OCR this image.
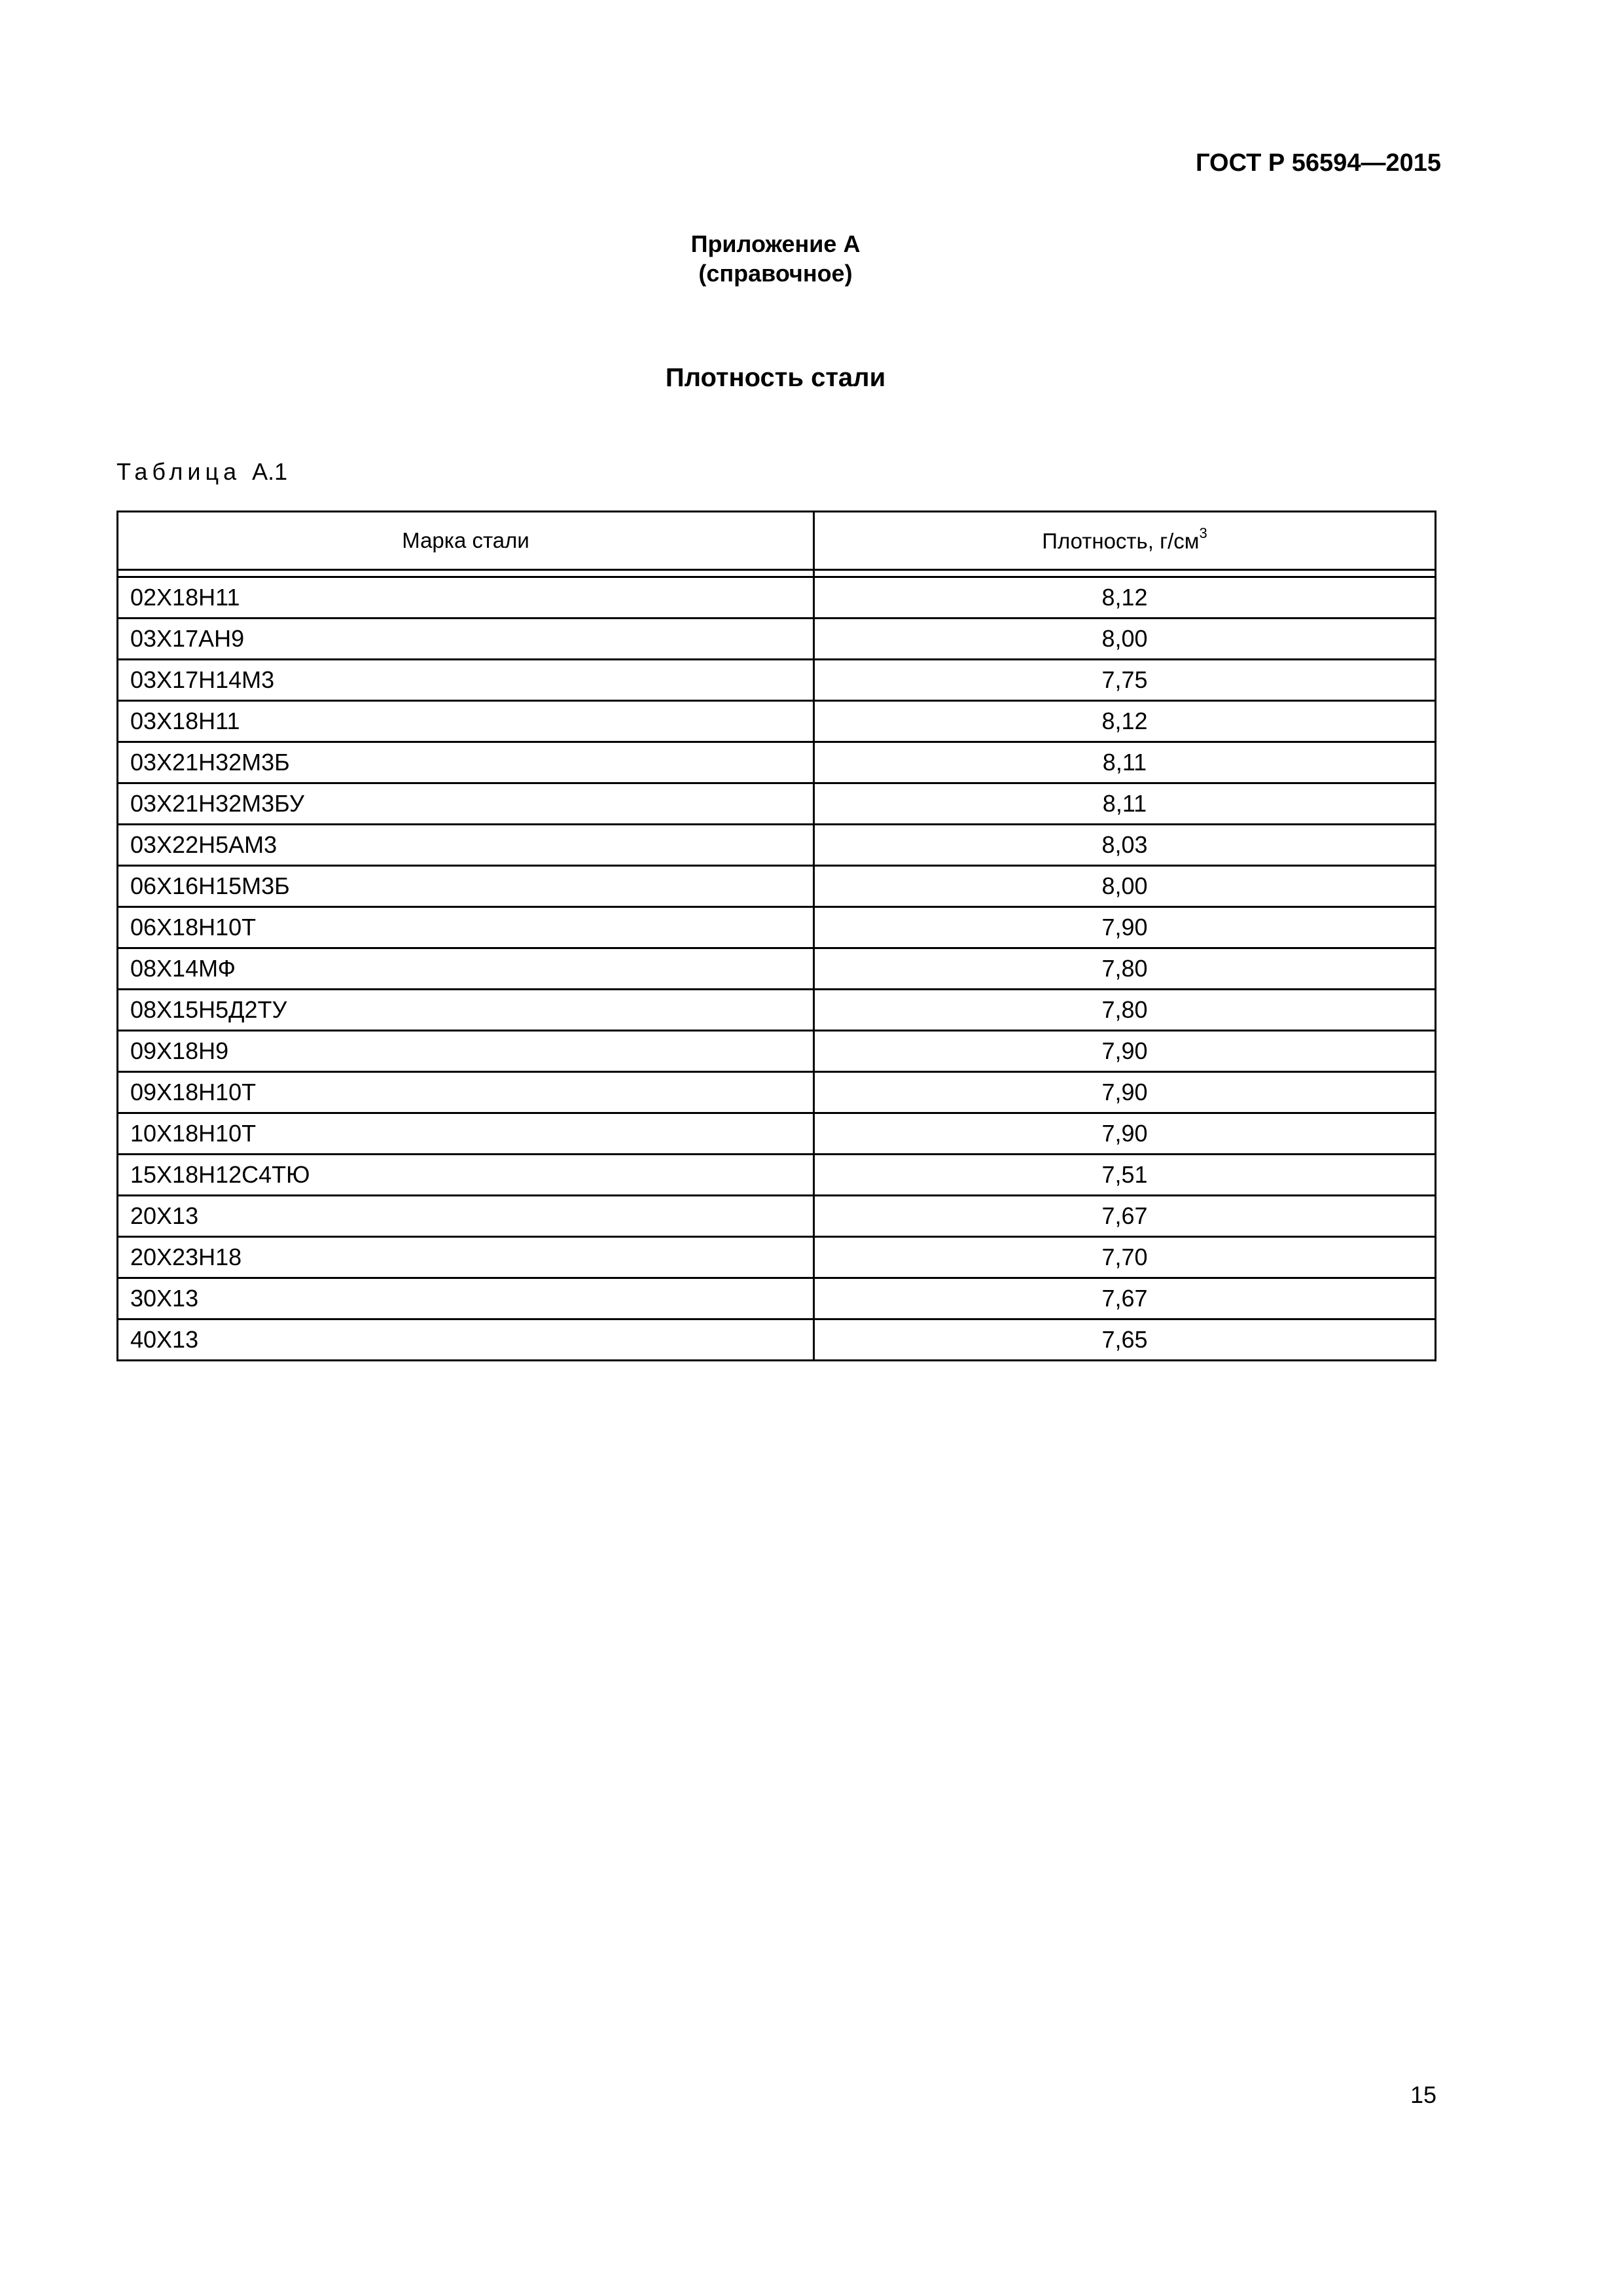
ГОСТ Р 56594—2015
Приложение А
(справочное)
Плотность стали
Таблица А.1
Марка стали	Плотность, $г/см^3$

02Х18Н11	8,12
03Х17АН9	8,00
03Х17Н14М3	7,75
03Х18Н11	8,12
03Х21Н32М3Б	8,11
03Х21Н32М3БУ	8,11
03Х22Н5АМ3	8,03
06Х16Н15М3Б	8,00
06Х18Н10Т	7,90
08Х14МФ	7,80
08Х15Н5Д2ТУ	7,80
09Х18Н9	7,90
09Х18Н10Т	7,90
10Х18Н10Т	7,90
15Х18Н12С4ТЮ	7,51
20Х13	7,67
20Х23Н18	7,70
30Х13	7,67
40Х13	7,65
15
